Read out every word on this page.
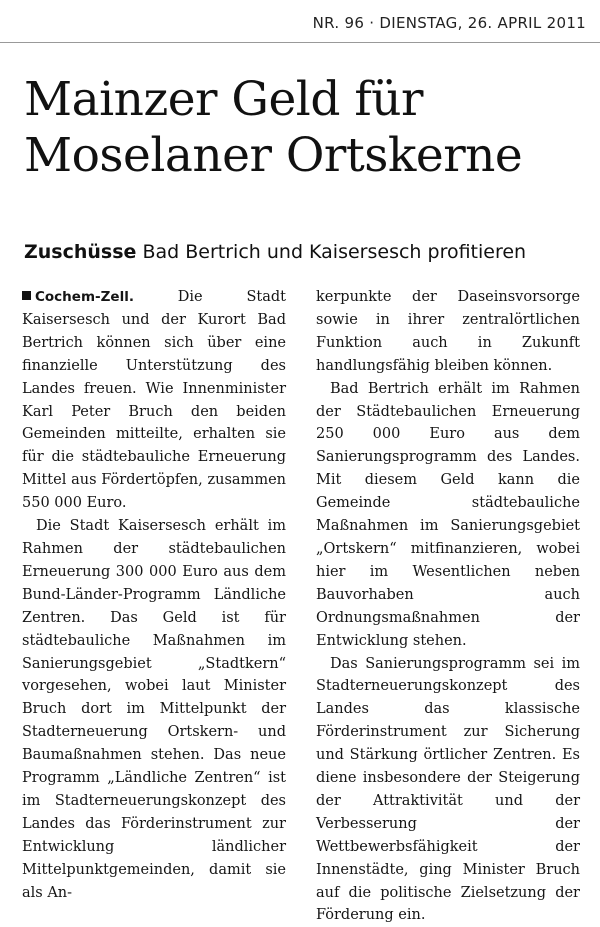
NR. 96 · DIENSTAG, 26. APRIL 2011
Mainzer Geld für
Moselaner Ortskerne
Zuschüsse Bad Bertrich und Kaisersesch profitieren

Cochem-Zell. Die Stadt Kaisersesch und der Kurort Bad Bertrich können sich über eine finanzielle Unterstützung des Landes freuen. Wie Innenminister Karl Peter Bruch den beiden Gemeinden mitteilte, erhalten sie für die städtebauliche Erneuerung Mittel aus Fördertöpfen, zusammen 550 000 Euro.

Die Stadt Kaisersesch erhält im Rahmen der städtebaulichen Erneuerung 300 000 Euro aus dem Bund-Länder-Programm Ländliche Zentren. Das Geld ist für städtebauliche Maßnahmen im Sanierungsgebiet „Stadtkern“ vorgesehen, wobei laut Minister Bruch dort im Mittelpunkt der Stadterneuerung Ortskern- und Baumaßnahmen stehen. Das neue Programm „Ländliche Zentren“ ist im Stadterneuerungskonzept des Landes das Förderinstrument zur Entwicklung ländlicher Mittelpunktgemeinden, damit sie als An-

kerpunkte der Daseinsvorsorge sowie in ihrer zentralörtlichen Funktion auch in Zukunft handlungsfähig bleiben können.

Bad Bertrich erhält im Rahmen der Städtebaulichen Erneuerung 250 000 Euro aus dem Sanierungsprogramm des Landes. Mit diesem Geld kann die Gemeinde städtebauliche Maßnahmen im Sanierungsgebiet „Ortskern“ mitfinanzieren, wobei hier im Wesentlichen neben Bauvorhaben auch Ordnungsmaßnahmen der Entwicklung stehen.

Das Sanierungsprogramm sei im Stadterneuerungskonzept des Landes das klassische Förderinstrument zur Sicherung und Stärkung örtlicher Zentren. Es diene insbesondere der Steigerung der Attraktivität und der Verbesserung der Wettbewerbsfähigkeit der Innenstädte, ging Minister Bruch auf die politische Zielsetzung der Förderung ein.
